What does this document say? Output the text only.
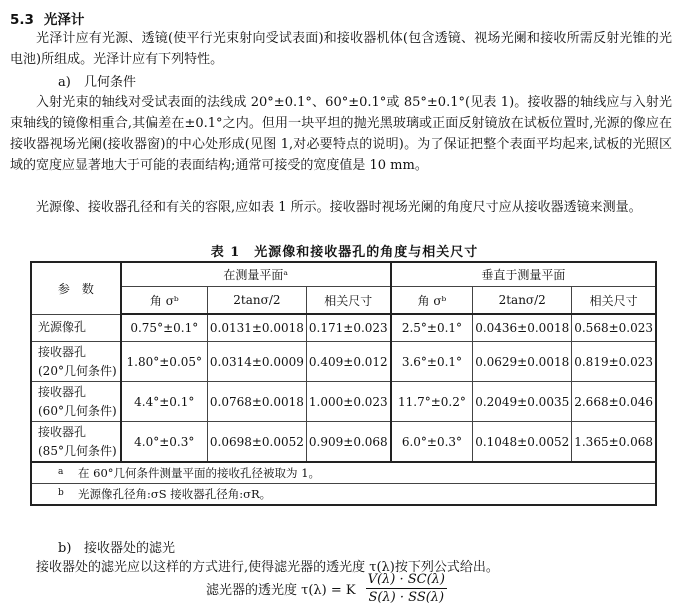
5.3 光泽计
光泽计应有光源、透镜(使平行光束射向受试表面)和接收器机体(包含透镜、视场光阑和接收所需反射光锥的光电池)所组成。光泽计应有下列特性。
a) 几何条件
入射光束的轴线对受试表面的法线成 20°±0.1°、60°±0.1°或 85°±0.1°(见表 1)。接收器的轴线应与入射光束轴线的镜像相重合,其偏差在±0.1°之内。但用一块平坦的抛光黑玻璃或正面反射镜放在试板位置时,光源的像应在接收器视场光阑(接收器窗)的中心处形成(见图 1,对必要特点的说明)。为了保证把整个表面平均起来,试板的光照区域的宽度应显著地大于可能的表面结构;通常可接受的宽度值是 10 mm。
光源像、接收器孔径和有关的容限,应如表 1 所示。接收器时视场光阑的角度尺寸应从接收器透镜来测量。
表 1　光源像和接收器孔的角度与相关尺寸
参　数	在测量平面ᵃ			垂直于测量平面		
	角 σᵇ	2tanσ/2	相关尺寸	角 σᵇ	2tanσ/2	相关尺寸
光源像孔	0.75°±0.1°	0.0131±0.0018	0.171±0.023	2.5°±0.1°	0.0436±0.0018	0.568±0.023
接收器孔
(20°几何条件)	1.80°±0.05°	0.0314±0.0009	0.409±0.012	3.6°±0.1°	0.0629±0.0018	0.819±0.023
接收器孔
(60°几何条件)	4.4°±0.1°	0.0768±0.0018	1.000±0.023	11.7°±0.2°	0.2049±0.0035	2.668±0.046
接收器孔
(85°几何条件)	4.0°±0.3°	0.0698±0.0052	0.909±0.068	6.0°±0.3°	0.1048±0.0052	1.365±0.068
a 在 60°几何条件测量平面的接收孔径被取为 1。						
b 光源像孔径角:σS 接收器孔径角:σR。						
b) 接收器处的滤光
接收器处的滤光应以这样的方式进行,使得滤光器的透光度 τ(λ)按下列公式给出。
滤光器的透光度 τ(λ) = K $\frac{V(\lambda) \cdot SC(\lambda)}{S(\lambda) \cdot SS(\lambda)}$
